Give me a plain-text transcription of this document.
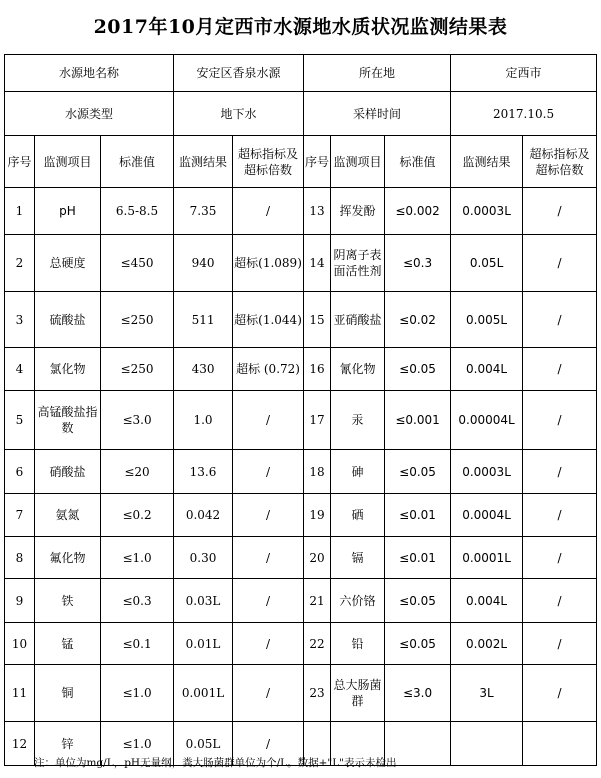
2017年10月定西市水源地水质状况监测结果表
水源地名称			安定区香泉水源		所在地			定西市	
水源类型			地下水		采样时间			2017.10.5	
序号	监测项目	标准值	监测结果	超标指标及超标倍数	序号	监测项目	标准值	监测结果	超标指标及超标倍数
1	pH	6.5-8.5	7.35	/	13	挥发酚	≤0.002	0.0003L	/
2	总硬度	≤450	940	超标(1.089)	14	阴离子表面活性剂	≤0.3	0.05L	/
3	硫酸盐	≤250	511	超标(1.044)	15	亚硝酸盐	≤0.02	0.005L	/
4	氯化物	≤250	430	超标 (0.72)	16	氰化物	≤0.05	0.004L	/
5	高锰酸盐指数	≤3.0	1.0	/	17	汞	≤0.001	0.00004L	/
6	硝酸盐	≤20	13.6	/	18	砷	≤0.05	0.0003L	/
7	氨氮	≤0.2	0.042	/	19	硒	≤0.01	0.0004L	/
8	氟化物	≤1.0	0.30	/	20	镉	≤0.01	0.0001L	/
9	铁	≤0.3	0.03L	/	21	六价铬	≤0.05	0.004L	/
10	锰	≤0.1	0.01L	/	22	铅	≤0.05	0.002L	/
11	铜	≤1.0	0.001L	/	23	总大肠菌群	≤3.0	3L	/
12	锌	≤1.0	0.05L	/					
注：单位为mg/L，pH无量纲，粪大肠菌群单位为个/L。数据+"L"表示未检出
